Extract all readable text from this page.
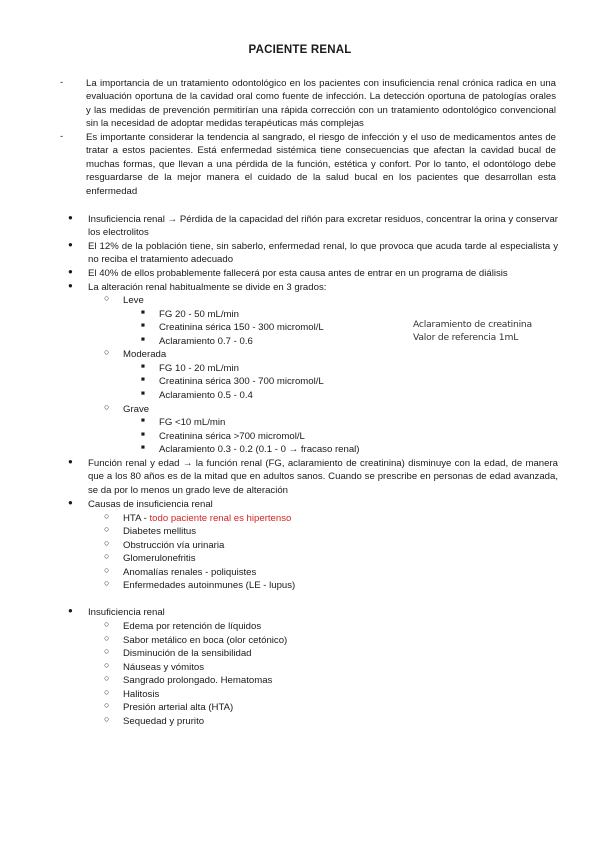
PACIENTE RENAL
- La importancia de un tratamiento odontológico en los pacientes con insuficiencia renal crónica radica en una evaluación oportuna de la cavidad oral como fuente de infección. La detección oportuna de patologías orales y las medidas de prevención permitirían una rápida corrección con un tratamiento odontológico convencional sin la necesidad de adoptar medidas terapéuticas más complejas
- Es importante considerar la tendencia al sangrado, el riesgo de infección y el uso de medicamentos antes de tratar a estos pacientes. Está enfermedad sistémica tiene consecuencias que afectan la cavidad bucal de muchas formas, que llevan a una pérdida de la función, estética y confort. Por lo tanto, el odontólogo debe resguardarse de la mejor manera el cuidado de la salud bucal en los pacientes que desarrollan esta enfermedad
● Insuficiencia renal → Pérdida de la capacidad del riñón para excretar residuos, concentrar la orina y conservar los electrolitos
● El 12% de la población tiene, sin saberlo, enfermedad renal, lo que provoca que acuda tarde al especialista y no reciba el tratamiento adecuado
● El 40% de ellos probablemente fallecerá por esta causa antes de entrar en un programa de diálisis
● La alteración renal habitualmente se divide en 3 grados:
○ Leve
■ FG 20 - 50 mL/min
■ Creatinina sérica 150 - 300 micromol/L
■ Aclaramiento 0.7 - 0.6
Aclaramiento de creatinina
Valor de referencia 1mL
○ Moderada
■ FG 10 - 20 mL/min
■ Creatinina sérica 300 - 700 micromol/L
■ Aclaramiento 0.5 - 0.4
○ Grave
■ FG <10 mL/min
■ Creatinina sérica >700 micromol/L
■ Aclaramiento 0.3 - 0.2 (0.1 - 0 → fracaso renal)
● Función renal y edad → la función renal (FG, aclaramiento de creatinina) disminuye con la edad, de manera que a los 80 años es de la mitad que en adultos sanos. Cuando se prescribe en personas de edad avanzada, se da por lo menos un grado leve de alteración
● Causas de insuficiencia renal
○ HTA - todo paciente renal es hipertenso
○ Diabetes mellitus
○ Obstrucción vía urinaria
○ Glomerulonefritis
○ Anomalías renales - poliquistes
○ Enfermedades autoinmunes (LE - lupus)
● Insuficiencia renal
○ Edema por retención de líquidos
○ Sabor metálico en boca (olor cetónico)
○ Disminución de la sensibilidad
○ Náuseas y vómitos
○ Sangrado prolongado. Hematomas
○ Halitosis
○ Presión arterial alta (HTA)
○ Sequedad y prurito
